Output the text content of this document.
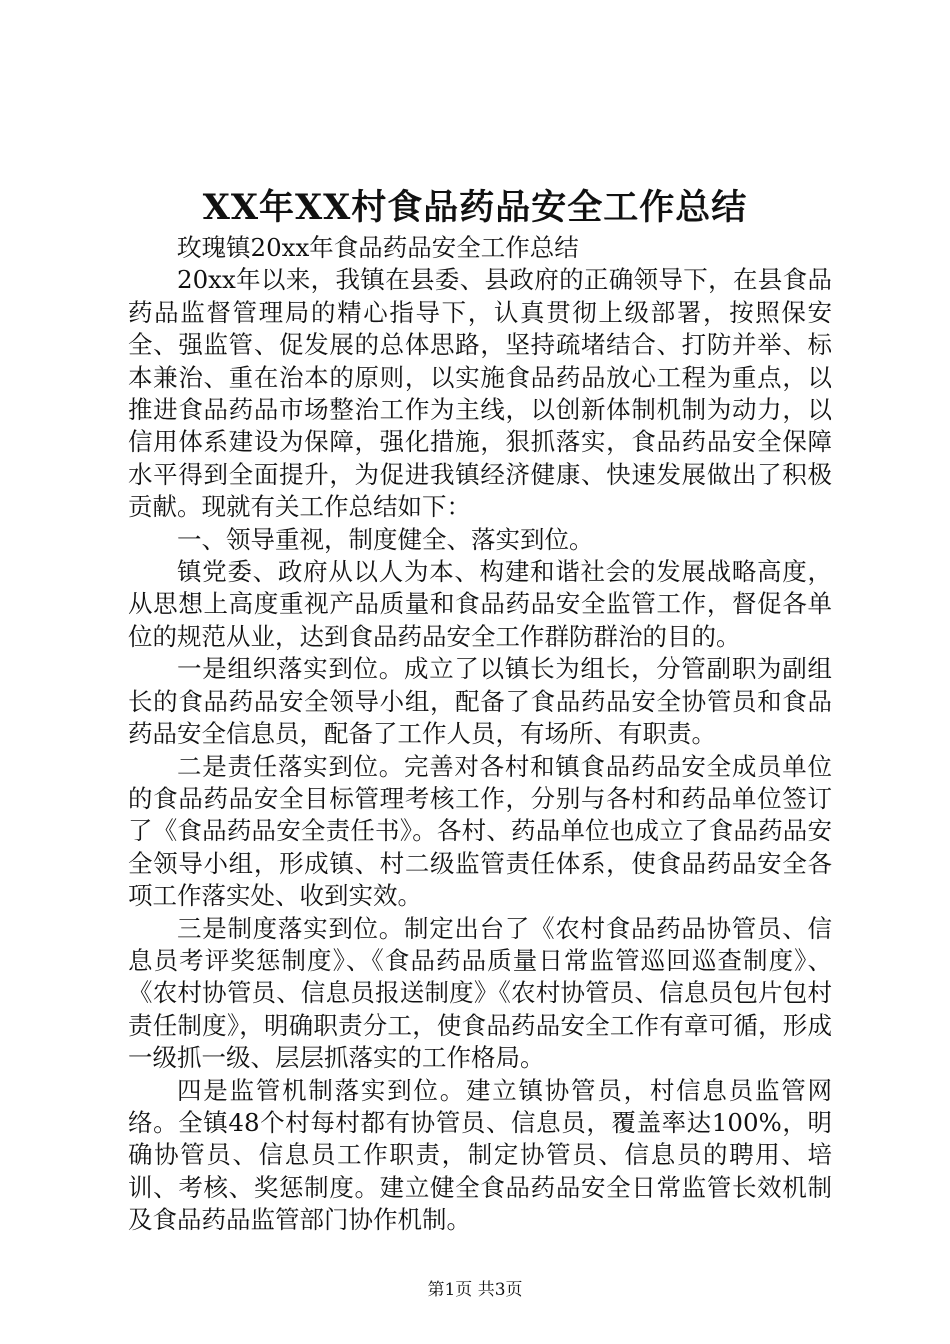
XX年XX村食品药品安全工作总结

玫瑰镇20xx年食品药品安全工作总结

20xx年以来，我镇在县委、县政府的正确领导下，在县食品药品监督管理局的精心指导下，认真贯彻上级部署，按照保安全、强监管、促发展的总体思路，坚持疏堵结合、打防并举、标本兼治、重在治本的原则，以实施食品药品放心工程为重点，以推进食品药品市场整治工作为主线，以创新体制机制为动力，以信用体系建设为保障，强化措施，狠抓落实，食品药品安全保障水平得到全面提升，为促进我镇经济健康、快速发展做出了积极贡献。现就有关工作总结如下：

一、领导重视，制度健全、落实到位。

镇党委、政府从以人为本、构建和谐社会的发展战略高度，从思想上高度重视产品质量和食品药品安全监管工作，督促各单位的规范从业，达到食品药品安全工作群防群治的目的。

一是组织落实到位。成立了以镇长为组长，分管副职为副组长的食品药品安全领导小组，配备了食品药品安全协管员和食品药品安全信息员，配备了工作人员，有场所、有职责。

二是责任落实到位。完善对各村和镇食品药品安全成员单位的食品药品安全目标管理考核工作，分别与各村和药品单位签订了《食品药品安全责任书》。各村、药品单位也成立了食品药品安全领导小组，形成镇、村二级监管责任体系，使食品药品安全各项工作落实处、收到实效。

三是制度落实到位。制定出台了《农村食品药品协管员、信息员考评奖惩制度》、《食品药品质量日常监管巡回巡查制度》、《农村协管员、信息员报送制度》《农村协管员、信息员包片包村责任制度》，明确职责分工，使食品药品安全工作有章可循，形成一级抓一级、层层抓落实的工作格局。

四是监管机制落实到位。建立镇协管员，村信息员监管网络。全镇48个村每村都有协管员、信息员，覆盖率达100%，明确协管员、信息员工作职责，制定协管员、信息员的聘用、培训、考核、奖惩制度。建立健全食品药品安全日常监管长效机制及食品药品监管部门协作机制。

第1页 共3页
